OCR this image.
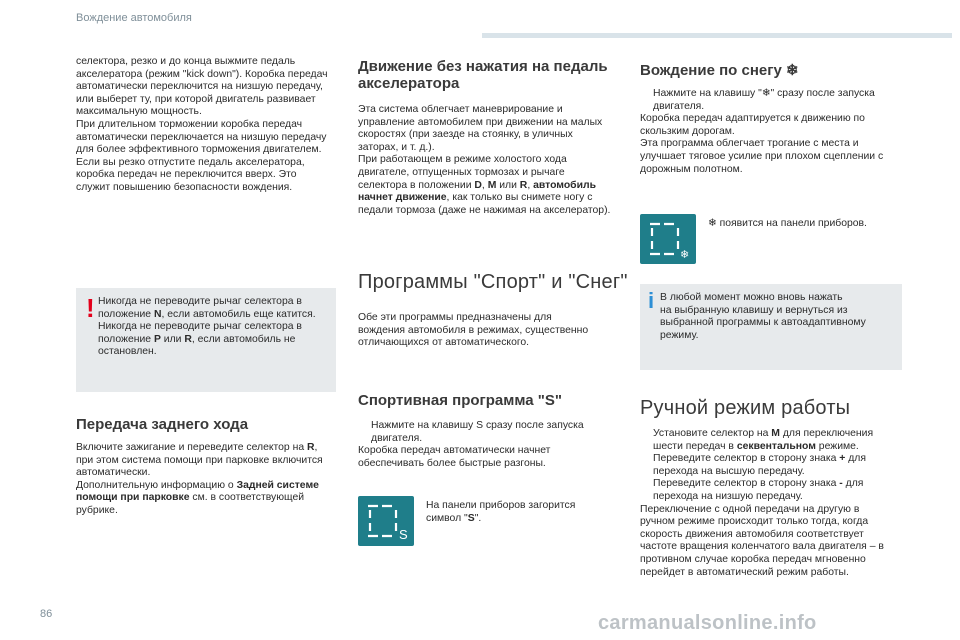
Вождение автомобиля

селектора, резко и до конца выжмите педаль

акселератора (режим "kick down"). Коробка передач

автоматически переключится на низшую передачу,

или выберет ту, при которой двигатель развивает

максимальную мощность.

При длительном торможении коробка передач

автоматически переключается на низшую передачу

для более эффективного торможения двигателем.

Если вы резко отпустите педаль акселератора,

коробка передач не переключится вверх. Это

служит повышению безопасности вождения.

! Никогда не переводите рычаг селектора в

положение N, если автомобиль еще катится.

Никогда не переводите рычаг селектора в

положение P или R, если автомобиль не

остановлен.

Передача заднего хода

Включите зажигание и переведите селектор на R,

при этом система помощи при парковке включится

автоматически.

Дополнительную информацию о Задней системе

помощи при парковке см. в соответствующей

рубрике.

Движение без нажатия на педаль
акселератора

Эта система облегчает маневрирование и

управление автомобилем при движении на малых

скоростях (при заезде на стоянку, в уличных

заторах, и т. д.).

При работающем в режиме холостого хода

двигателе, отпущенных тормозах и рычаге

селектора в положении D, M или R, автомобиль

начнет движение, как только вы снимете ногу с

педали тормоза (даже не нажимая на акселератор).

Программы "Спорт" и "Снег"

Обе эти программы предназначены для

вождения автомобиля в режимах, существенно

отличающихся от автоматического.

Спортивная программа "S"

Нажмите на клавишу S сразу после запуска

двигателя.

Коробка передач автоматически начнет

обеспечивать более быстрые разгоны.

S

На панели приборов загорится

символ "S".

Вождение по снегу ❄

Нажмите на клавишу "❄" сразу после запуска

двигателя.

Коробка передач адаптируется к движению по

скользким дорогам.

Эта программа облегчает трогание с места и

улучшает тяговое усилие при плохом сцеплении с

дорожным полотном.

❄

❄ появится на панели приборов.

i В любой момент можно вновь нажать

на выбранную клавишу и вернуться из

выбранной программы к автоадаптивному

режиму.

Ручной режим работы

Установите селектор на M для переключения

шести передач в секвентальном режиме.

Переведите селектор в сторону знака + для

перехода на высшую передачу.

Переведите селектор в сторону знака - для

перехода на низшую передачу.

Переключение с одной передачи на другую в

ручном режиме происходит только тогда, когда

скорость движения автомобиля соответствует

частоте вращения коленчатого вала двигателя – в

противном случае коробка передач мгновенно

перейдет в автоматический режим работы.

86	carmanualsonline.info
